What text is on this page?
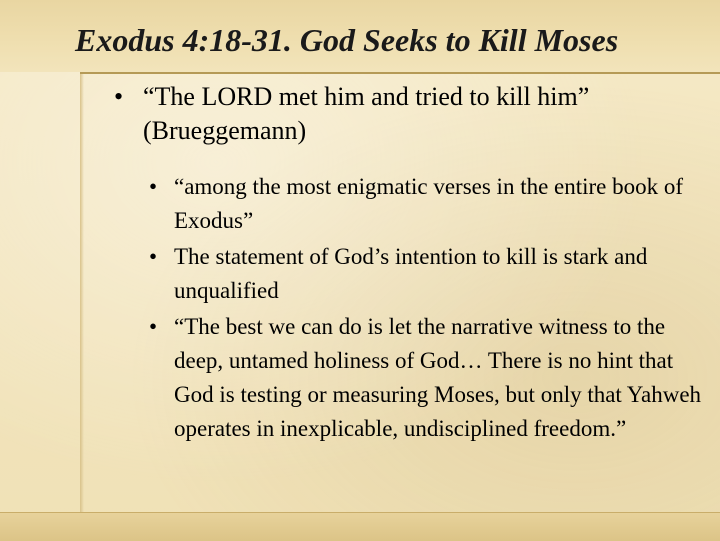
Exodus 4:18-31. God Seeks to Kill Moses
• “The LORD met him and tried to kill him” (Brueggemann)
• “among the most enigmatic verses in the entire book of Exodus”
• The statement of God’s intention to kill is stark and unqualified
• “The best we can do is let the narrative witness to the deep, untamed holiness of God… There is no hint that God is testing or measuring Moses, but only that Yahweh operates in inexplicable, undisciplined freedom.”
